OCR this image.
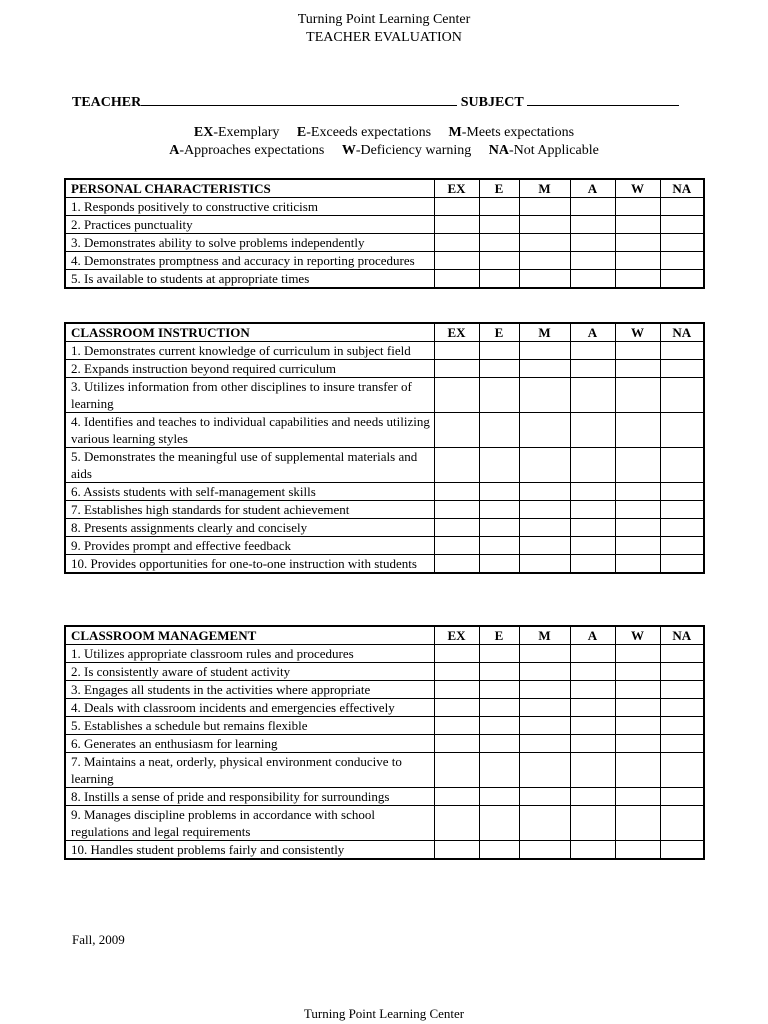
Turning Point Learning Center
TEACHER EVALUATION
TEACHER	SUBJECT
EX-Exemplary E-Exceeds expectations M-Meets expectations
A-Approaches expectations W-Deficiency warning NA-Not Applicable
PERSONAL CHARACTERISTICS	EX	E	M	A	W	NA
1. Responds positively to constructive criticism						
2. Practices punctuality						
3. Demonstrates ability to solve problems independently						
4. Demonstrates promptness and accuracy in reporting procedures						
5. Is available to students at appropriate times						
CLASSROOM INSTRUCTION	EX	E	M	A	W	NA
1. Demonstrates current knowledge of curriculum in subject field						
2. Expands instruction beyond required curriculum						
3. Utilizes information from other disciplines to insure transfer of learning						
4. Identifies and teaches to individual capabilities and needs utilizing various learning styles						
5. Demonstrates the meaningful use of supplemental materials and aids						
6. Assists students with self-management skills						
7. Establishes high standards for student achievement						
8. Presents assignments clearly and concisely						
9. Provides prompt and effective feedback						
10. Provides opportunities for one-to-one instruction with students						
CLASSROOM MANAGEMENT	EX	E	M	A	W	NA
1. Utilizes appropriate classroom rules and procedures						
2. Is consistently aware of student activity						
3. Engages all students in the activities where appropriate						
4. Deals with classroom incidents and emergencies effectively						
5. Establishes a schedule but remains flexible						
6. Generates an enthusiasm for learning						
7. Maintains a neat, orderly, physical environment conducive to learning						
8. Instills a sense of pride and responsibility for surroundings						
9. Manages discipline problems in accordance with school regulations and legal requirements						
10. Handles student problems fairly and consistently						
Fall, 2009
Turning Point Learning Center
